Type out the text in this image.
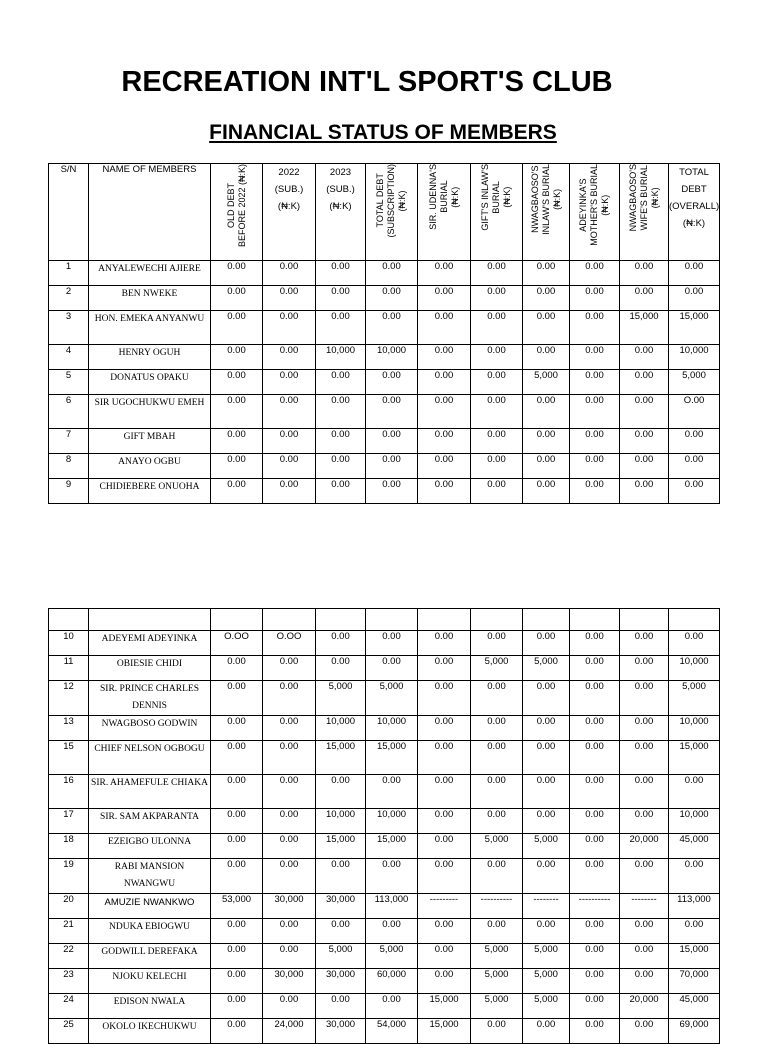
RECREATION INT'L SPORT'S CLUB
FINANCIAL STATUS OF MEMBERS
S/N	NAME OF MEMBERS	OLD DEBT
BEFORE 2022 (₦:K)	2022
(SUB.)
(₦:K)	2023
(SUB.)
(₦:K)	TOTAL DEBT
(SUBSCRIPTION)
(₦:K)	SIR. UDENNA'S
BURIAL
(₦:K)	GIFT'S INLAW'S
BURIAL
(₦:K)	NWAGBAOSO'S
INLAW'S BURIAL
(₦:K)	ADEYINKA'S
MOTHER'S BURIAL
(₦:K)	NWAGBAOSO'S
WIFE'S BURIAL
(₦:K)	TOTAL
DEBT
(OVERALL)
(₦:K)
1	ANYALEWECHI AJIERE	0.00	0.00	0.00	0.00	0.00	0.00	0.00	0.00	0.00	0.00
2	BEN NWEKE	0.00	0.00	0.00	0.00	0.00	0.00	0.00	0.00	0.00	0.00
3	HON. EMEKA ANYANWU	0.00	0.00	0.00	0.00	0.00	0.00	0.00	0.00	15,000	15,000
4	HENRY OGUH	0.00	0.00	10,000	10,000	0.00	0.00	0.00	0.00	0.00	10,000
5	DONATUS OPAKU	0.00	0.00	0.00	0.00	0.00	0.00	5,000	0.00	0.00	5,000
6	SIR UGOCHUKWU EMEH	0.00	0.00	0.00	0.00	0.00	0.00	0.00	0.00	0.00	O.00
7	GIFT MBAH	0.00	0.00	0.00	0.00	0.00	0.00	0.00	0.00	0.00	0.00
8	ANAYO OGBU	0.00	0.00	0.00	0.00	0.00	0.00	0.00	0.00	0.00	0.00
9	CHIDIEBERE ONUOHA	0.00	0.00	0.00	0.00	0.00	0.00	0.00	0.00	0.00	0.00

10	ADEYEMI ADEYINKA	O.OO	O.OO	0.00	0.00	0.00	0.00	0.00	0.00	0.00	0.00
11	OBIESIE CHIDI	0.00	0.00	0.00	0.00	0.00	5,000	5,000	0.00	0.00	10,000
12	SIR. PRINCE CHARLES DENNIS	0.00	0.00	5,000	5,000	0.00	0.00	0.00	0.00	0.00	5,000
13	NWAGBOSO GODWIN	0.00	0.00	10,000	10,000	0.00	0.00	0.00	0.00	0.00	10,000
15	CHIEF NELSON OGBOGU	0.00	0.00	15,000	15,000	0.00	0.00	0.00	0.00	0.00	15,000
16	SIR. AHAMEFULE CHIAKA	0.00	0.00	0.00	0.00	0.00	0.00	0.00	0.00	0.00	0.00
17	SIR. SAM AKPARANTA	0.00	0.00	10,000	10,000	0.00	0.00	0.00	0.00	0.00	10,000
18	EZEIGBO ULONNA	0.00	0.00	15,000	15,000	0.00	5,000	5,000	0.00	20,000	45,000
19	RABI MANSION NWANGWU	0.00	0.00	0.00	0.00	0.00	0.00	0.00	0.00	0.00	0.00
20	AMUZIE NWANKWO	53,000	30,000	30,000	113,000	---------	----------	--------	----------	--------	113,000
21	NDUKA EBIOGWU	0.00	0.00	0.00	0.00	0.00	0.00	0.00	0.00	0.00	0.00
22	GODWILL DEREFAKA	0.00	0.00	5,000	5,000	0.00	5,000	5,000	0.00	0.00	15,000
23	NJOKU KELECHI	0.00	30,000	30,000	60,000	0.00	5,000	5,000	0.00	0.00	70,000
24	EDISON NWALA	0.00	0.00	0.00	0.00	15,000	5,000	5,000	0.00	20,000	45,000
25	OKOLO IKECHUKWU	0.00	24,000	30,000	54,000	15,000	0.00	0.00	0.00	0.00	69,000
